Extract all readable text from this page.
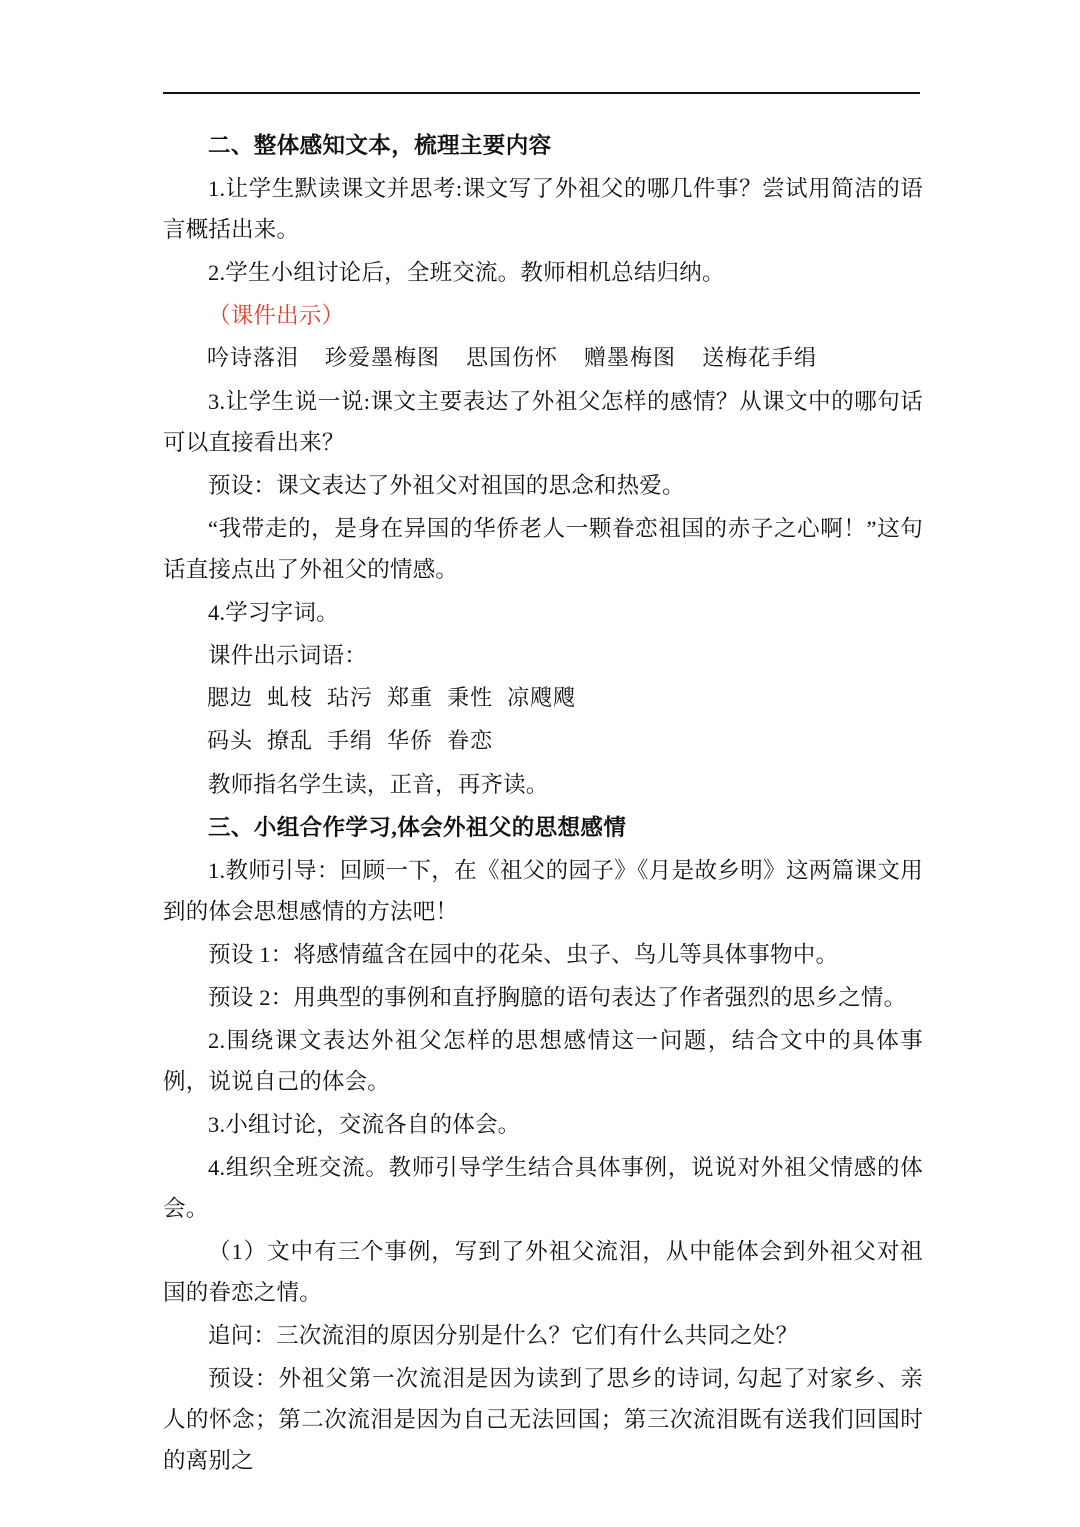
二、整体感知文本，梳理主要内容

1.让学生默读课文并思考:课文写了外祖父的哪几件事？尝试用简洁的语言概括出来。

2.学生小组讨论后，全班交流。教师相机总结归纳。

（课件出示）

吟诗落泪 珍爱墨梅图 思国伤怀 赠墨梅图 送梅花手绢

3.让学生说一说:课文主要表达了外祖父怎样的感情？从课文中的哪句话可以直接看出来？

预设：课文表达了外祖父对祖国的思念和热爱。

“我带走的，是身在异国的华侨老人一颗眷恋祖国的赤子之心啊！”这句话直接点出了外祖父的情感。

4.学习字词。

课件出示词语：

腮边 虬枝 玷污 郑重 秉性 凉飕飕

码头 撩乱 手绢 华侨 眷恋

教师指名学生读，正音，再齐读。

三、小组合作学习,体会外祖父的思想感情

1.教师引导：回顾一下，在《祖父的园子》《月是故乡明》这两篇课文用到的体会思想感情的方法吧！

预设 1：将感情蕴含在园中的花朵、虫子、鸟儿等具体事物中。

预设 2：用典型的事例和直抒胸臆的语句表达了作者强烈的思乡之情。

2.围绕课文表达外祖父怎样的思想感情这一问题，结合文中的具体事例，说说自己的体会。

3.小组讨论，交流各自的体会。

4.组织全班交流。教师引导学生结合具体事例，说说对外祖父情感的体会。

（1）文中有三个事例，写到了外祖父流泪，从中能体会到外祖父对祖国的眷恋之情。

追问：三次流泪的原因分别是什么？它们有什么共同之处？

预设：外祖父第一次流泪是因为读到了思乡的诗词, 勾起了对家乡、亲人的怀念；第二次流泪是因为自己无法回国；第三次流泪既有送我们回国时的离别之
